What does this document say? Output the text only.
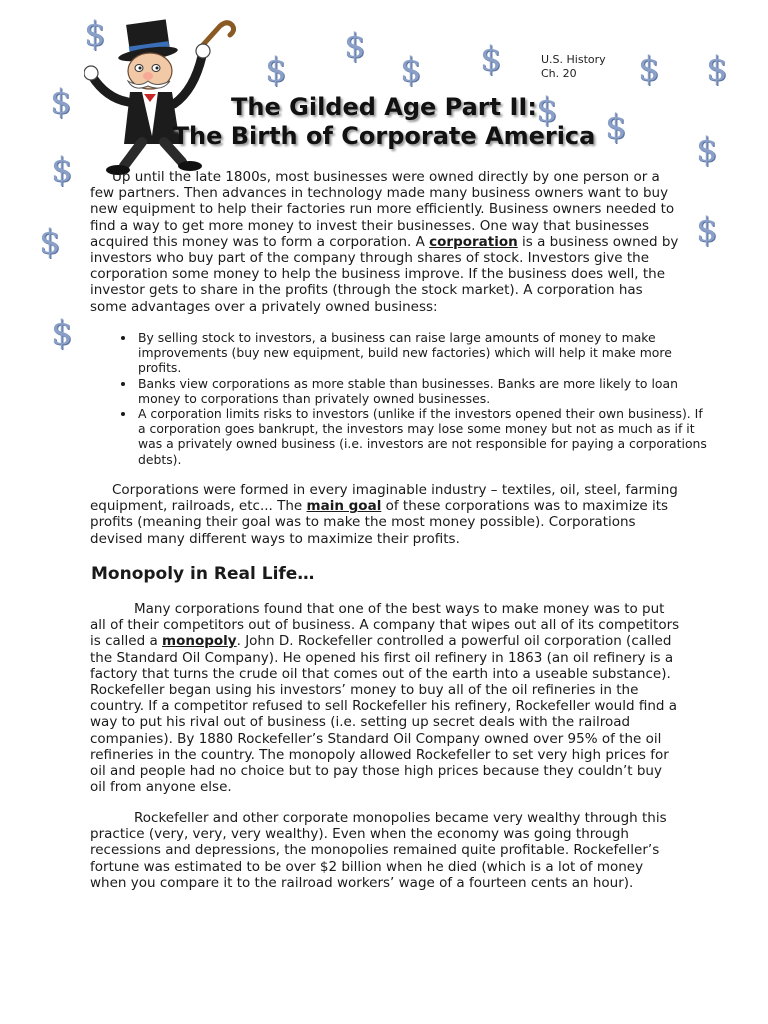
$	$
$	$ $	$ $
$	$ $
$
$
$
$
$
U.S. History
Ch. 20
The Gilded Age Part II:
The Birth of Corporate America

Up until the late 1800s, most businesses were owned directly by one person or a few partners. Then advances in technology made many business owners want to buy new equipment to help their factories run more efficiently. Business owners needed to find a way to get more money to invest their businesses. One way that businesses acquired this money was to form a corporation. A corporation is a business owned by investors who buy part of the company through shares of stock. Investors give the corporation some money to help the business improve. If the business does well, the investor gets to share in the profits (through the stock market). A corporation has some advantages over a privately owned business:

• By selling stock to investors, a business can raise large amounts of money to make improvements (buy new equipment, build new factories) which will help it make more profits.
• Banks view corporations as more stable than businesses. Banks are more likely to loan money to corporations than privately owned businesses.
• A corporation limits risks to investors (unlike if the investors opened their own business). If a corporation goes bankrupt, the investors may lose some money but not as much as if it was a privately owned business (i.e. investors are not responsible for paying a corporations debts).

Corporations were formed in every imaginable industry – textiles, oil, steel, farming equipment, railroads, etc... The main goal of these corporations was to maximize its profits (meaning their goal was to make the most money possible). Corporations devised many different ways to maximize their profits.

Monopoly in Real Life…

Many corporations found that one of the best ways to make money was to put all of their competitors out of business. A company that wipes out all of its competitors is called a monopoly. John D. Rockefeller controlled a powerful oil corporation (called the Standard Oil Company). He opened his first oil refinery in 1863 (an oil refinery is a factory that turns the crude oil that comes out of the earth into a useable substance). Rockefeller began using his investors’ money to buy all of the oil refineries in the country. If a competitor refused to sell Rockefeller his refinery, Rockefeller would find a way to put his rival out of business (i.e. setting up secret deals with the railroad companies). By 1880 Rockefeller’s Standard Oil Company owned over 95% of the oil refineries in the country. The monopoly allowed Rockefeller to set very high prices for oil and people had no choice but to pay those high prices because they couldn’t buy oil from anyone else.

Rockefeller and other corporate monopolies became very wealthy through this practice (very, very, very wealthy). Even when the economy was going through recessions and depressions, the monopolies remained quite profitable. Rockefeller’s fortune was estimated to be over $2 billion when he died (which is a lot of money when you compare it to the railroad workers’ wage of a fourteen cents an hour).
